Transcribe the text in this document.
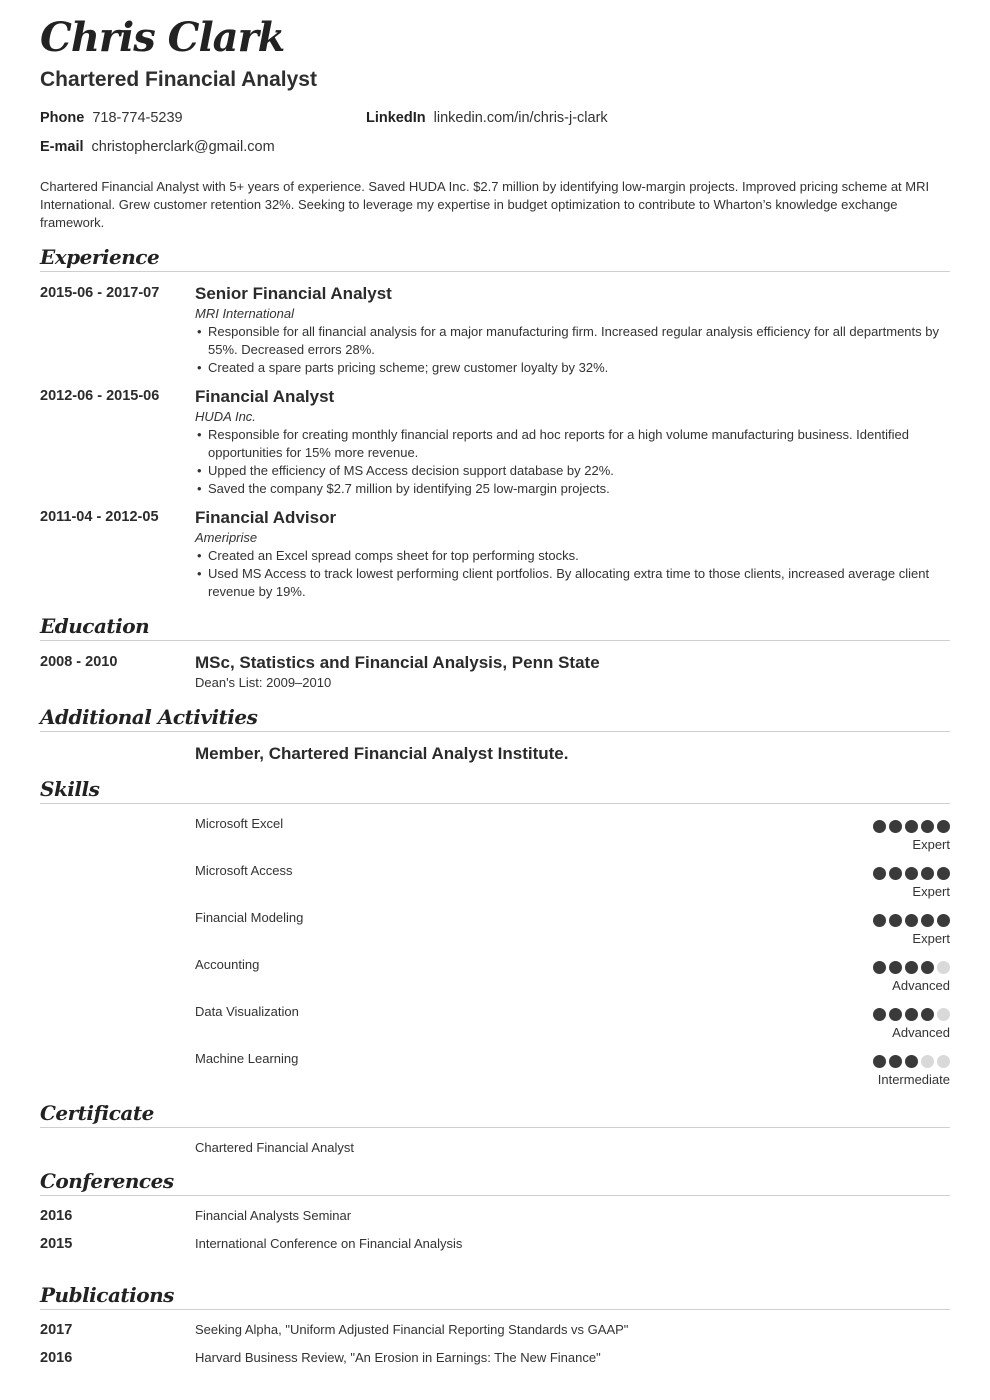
Chris Clark
Chartered Financial Analyst
Phone 718-774-5239	LinkedIn linkedin.com/in/chris-j-clark
E-mail christopherclark@gmail.com
Chartered Financial Analyst with 5+ years of experience. Saved HUDA Inc. $2.7 million by identifying low-margin projects. Improved pricing scheme at MRI International. Grew customer retention 32%. Seeking to leverage my expertise in budget optimization to contribute to Wharton’s knowledge exchange framework.
Experience
2015-06 - 2017-07 Senior Financial Analyst
MRI International
• Responsible for all financial analysis for a major manufacturing firm. Increased regular analysis efficiency for all departments by 55%. Decreased errors 28%.
• Created a spare parts pricing scheme; grew customer loyalty by 32%.
2012-06 - 2015-06 Financial Analyst
HUDA Inc.
• Responsible for creating monthly financial reports and ad hoc reports for a high volume manufacturing business. Identified opportunities for 15% more revenue.
• Upped the efficiency of MS Access decision support database by 22%.
• Saved the company $2.7 million by identifying 25 low-margin projects.
2011-04 - 2012-05 Financial Advisor
Ameriprise
• Created an Excel spread comps sheet for top performing stocks.
• Used MS Access to track lowest performing client portfolios. By allocating extra time to those clients, increased average client revenue by 19%.
Education
2008 - 2010	MSc, Statistics and Financial Analysis, Penn State
Dean's List: 2009–2010
Additional Activities
Member, Chartered Financial Analyst Institute.
Skills
Microsoft Excel
Expert
Microsoft Access
Expert
Financial Modeling
Expert
Accounting
Advanced
Data Visualization
Advanced
Machine Learning
Intermediate
Certificate
Chartered Financial Analyst
Conferences
2016	Financial Analysts Seminar
2015	International Conference on Financial Analysis
Publications
2017	Seeking Alpha, "Uniform Adjusted Financial Reporting Standards vs GAAP"
2016	Harvard Business Review, "An Erosion in Earnings: The New Finance"
